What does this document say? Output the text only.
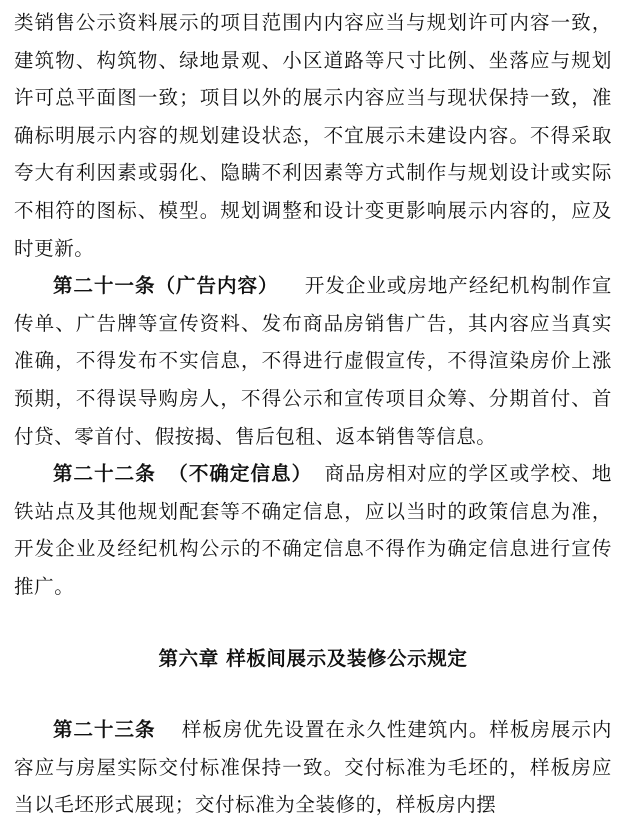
类销售公示资料展示的项目范围内内容应当与规划许可内容一致，建筑物、构筑物、绿地景观、小区道路等尺寸比例、坐落应与规划许可总平面图一致；项目以外的展示内容应当与现状保持一致，准确标明展示内容的规划建设状态，不宜展示未建设内容。不得采取夸大有利因素或弱化、隐瞒不利因素等方式制作与规划设计或实际不相符的图标、模型。规划调整和设计变更影响展示内容的，应及时更新。

第二十一条（广告内容） 开发企业或房地产经纪机构制作宣传单、广告牌等宣传资料、发布商品房销售广告，其内容应当真实准确，不得发布不实信息，不得进行虚假宣传，不得渲染房价上涨预期，不得误导购房人，不得公示和宣传项目众筹、分期首付、首付贷、零首付、假按揭、售后包租、返本销售等信息。

第二十二条 （不确定信息） 商品房相对应的学区或学校、地铁站点及其他规划配套等不确定信息，应以当时的政策信息为准，开发企业及经纪机构公示的不确定信息不得作为确定信息进行宣传推广。

第六章 样板间展示及装修公示规定

第二十三条 样板房优先设置在永久性建筑内。样板房展示内容应与房屋实际交付标准保持一致。交付标准为毛坯的，样板房应当以毛坯形式展现；交付标准为全装修的，样板房内摆
